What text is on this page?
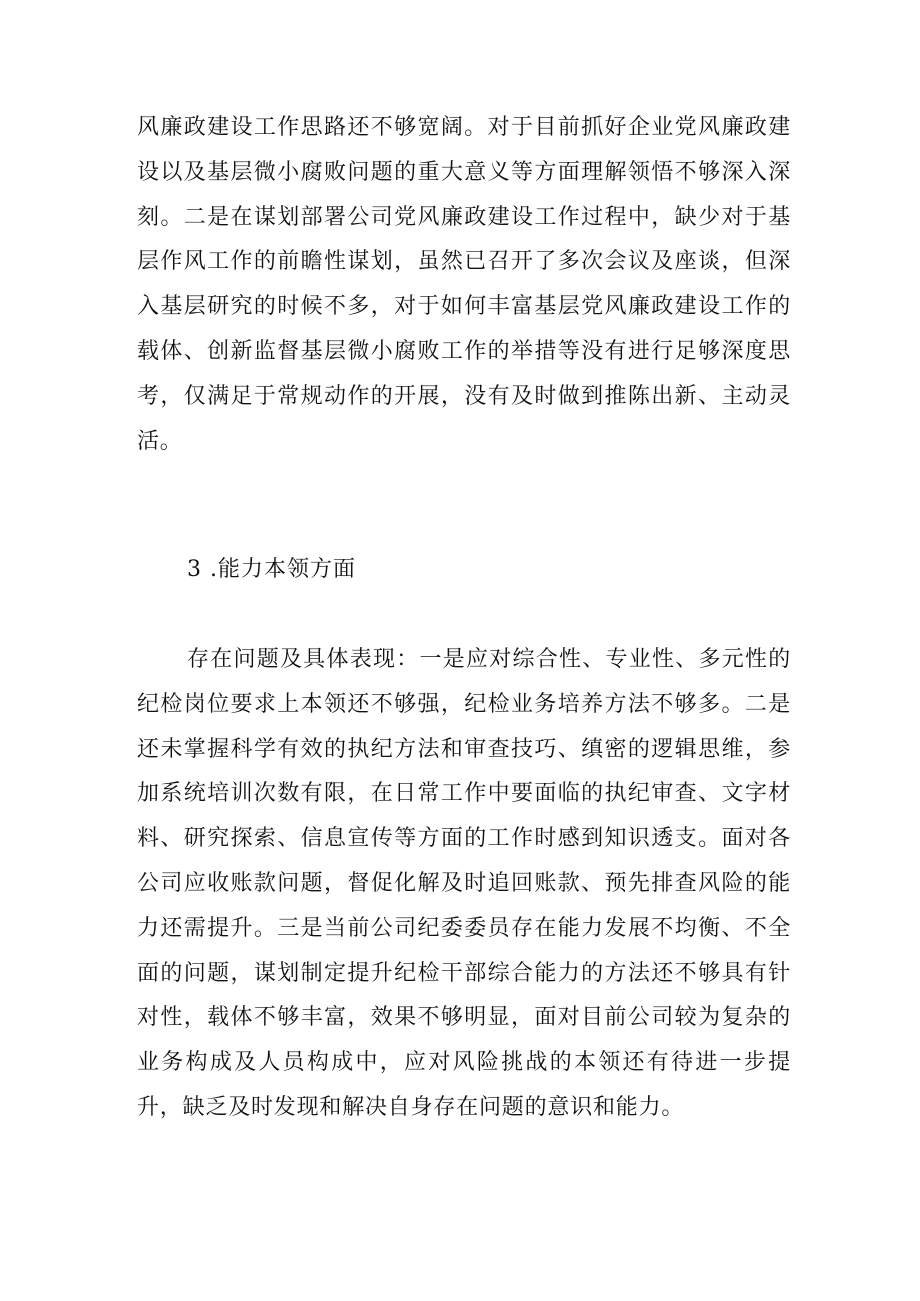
风廉政建设工作思路还不够宽阔。对于目前抓好企业党风廉政建设以及基层微小腐败问题的重大意义等方面理解领悟不够深入深刻。二是在谋划部署公司党风廉政建设工作过程中，缺少对于基层作风工作的前瞻性谋划，虽然已召开了多次会议及座谈，但深入基层研究的时候不多，对于如何丰富基层党风廉政建设工作的载体、创新监督基层微小腐败工作的举措等没有进行足够深度思考，仅满足于常规动作的开展，没有及时做到推陈出新、主动灵活。

3 .能力本领方面

存在问题及具体表现：一是应对综合性、专业性、多元性的纪检岗位要求上本领还不够强，纪检业务培养方法不够多。二是还未掌握科学有效的执纪方法和审查技巧、缜密的逻辑思维，参加系统培训次数有限，在日常工作中要面临的执纪审查、文字材料、研究探索、信息宣传等方面的工作时感到知识透支。面对各公司应收账款问题，督促化解及时追回账款、预先排查风险的能力还需提升。三是当前公司纪委委员存在能力发展不均衡、不全面的问题，谋划制定提升纪检干部综合能力的方法还不够具有针对性，载体不够丰富，效果不够明显，面对目前公司较为复杂的业务构成及人员构成中，应对风险挑战的本领还有待进一步提升，缺乏及时发现和解决自身存在问题的意识和能力。
